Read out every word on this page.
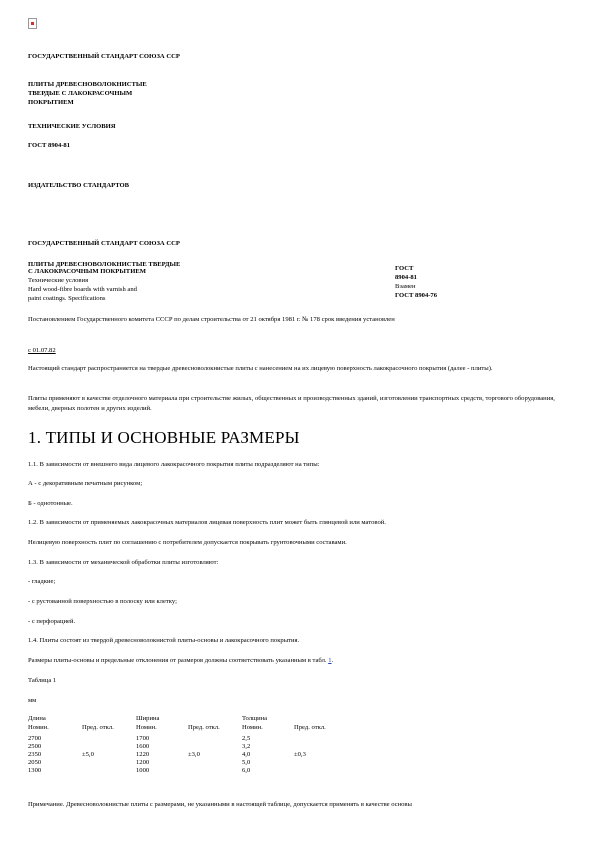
ГОСУДАРСТВЕННЫЙ СТАНДАРТ СОЮЗА ССР
ПЛИТЫ ДРЕВЕСНОВОЛОКНИСТЫЕ
ТВЕРДЫЕ С ЛАКОКРАСОЧНЫМ
ПОКРЫТИЕМ
ТЕХНИЧЕСКИЕ УСЛОВИЯ
ГОСТ 8904-81
ИЗДАТЕЛЬСТВО СТАНДАРТОВ
ГОСУДАРСТВЕННЫЙ СТАНДАРТ СОЮЗА ССР
ПЛИТЫ ДРЕВЕСНОВОЛОКНИСТЫЕ ТВЕРДЫЕ
С ЛАКОКРАСОЧНЫМ ПОКРЫТИЕМ
Технические условия
Hard wood-fibre boards with varnish and
paint coatings. Specifications
ГОСТ
8904-81
Взамен
ГОСТ 8904-76
Постановлением Государственного комитета СССР по делам строительства от 21 октября 1981 г. № 178 срок введения установлен
с 01.07.82
Настоящий стандарт распространяется на твердые древесноволокнистые плиты с нанесением на их лицевую поверхность лакокрасочного покрытия (далее - плиты).
Плиты применяют в качестве отделочного материала при строительстве жилых, общественных и производственных зданий, изготовлении транспортных средств, торгового оборудования, мебели, дверных полотен и других изделий.
1. ТИПЫ И ОСНОВНЫЕ РАЗМЕРЫ
1.1. В зависимости от внешнего вида лицевого лакокрасочного покрытия плиты подразделяют на типы:
А - с декоративным печатным рисунком;
Б - однотонные.
1.2. В зависимости от применяемых лакокрасочных материалов лицевая поверхность плит может быть глянцевой или матовой.
Нелицевую поверхность плит по соглашению с потребителем допускается покрывать грунтовочными составами.
1.3. В зависимости от механической обработки плиты изготовляют:
- гладкие;
- с рустованной поверхностью в полоску или клетку;
- с перфорацией.
1.4. Плиты состоят из твердой древесноволокнистой плиты-основы и лакокрасочного покрытия.
Размеры плиты-основы и предельные отклонения от размеров должны соответствовать указанным в табл. 1.
Таблица 1
мм
Длина		Ширина		Толщина	
Номин.	Пред. откл.	Номин.	Пред. откл.	Номин.	Пред. откл.
2700		1700		2,5	
2500		1600		3,2	
2350	±5,0	1220	±3,0	4,0	±0,3
2050		1200		5,0	
1300		1000		6,0	
Примечание. Древесноволокнистые плиты с размерами, не указанными в настоящей таблице, допускается применять в качестве основы
